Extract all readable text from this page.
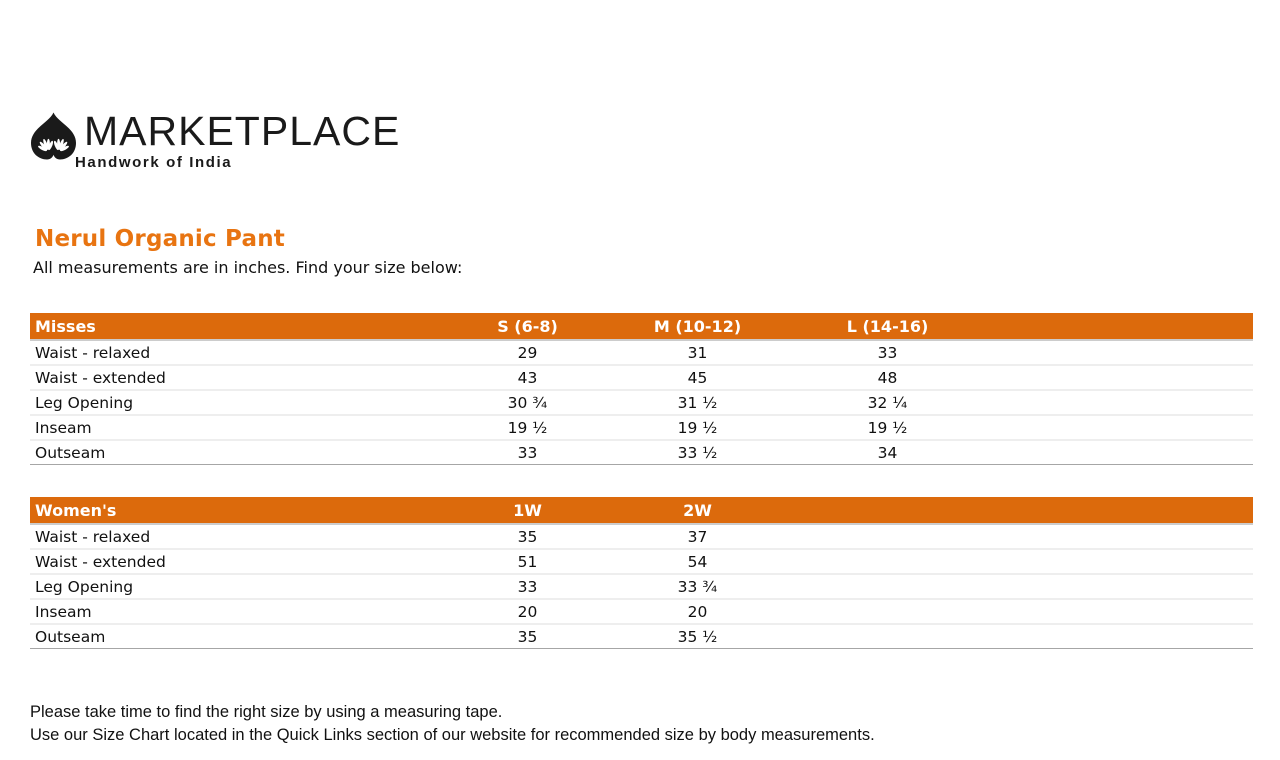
MARKETPLACE
Handwork of India
Nerul Organic Pant

All measurements are in inches. Find your size below:

Misses	S (6-8)	M (10-12)	L (14-16)	
Waist - relaxed	29	31	33	
Waist - extended	43	45	48	
Leg Opening	30 ¾	31 ½	32 ¼	
Inseam	19 ½	19 ½	19 ½	
Outseam	33	33 ½	34	
Women's	1W	2W		
Waist - relaxed	35	37		
Waist - extended	51	54		
Leg Opening	33	33 ¾		
Inseam	20	20		
Outseam	35	35 ½		

Please take time to find the right size by using a measuring tape.

Use our Size Chart located in the Quick Links section of our website for recommended size by body measurements.
